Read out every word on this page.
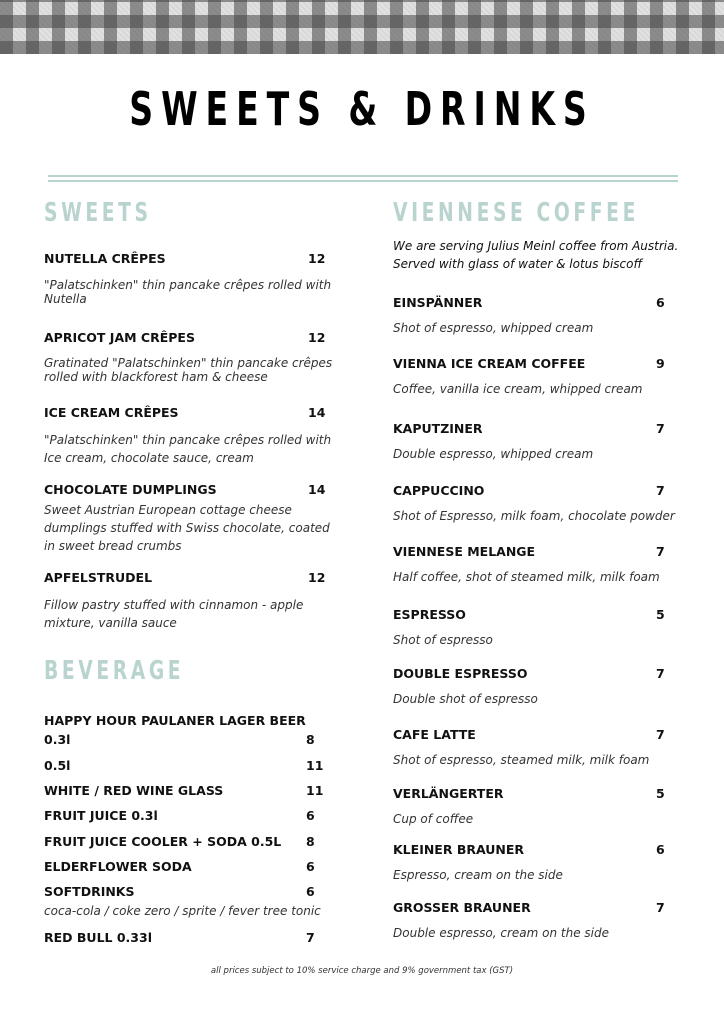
SWEETS & DRINKS
SWEETS
NUTELLA CRÊPES	12
"Palatschinken" thin pancake crêpes rolled with Nutella
APRICOT JAM CRÊPES	12
Gratinated "Palatschinken" thin pancake crêpes rolled with blackforest ham & cheese
ICE CREAM CRÊPES	14
"Palatschinken" thin pancake crêpes rolled with Ice cream, chocolate sauce, cream
CHOCOLATE DUMPLINGS	14
Sweet Austrian European cottage cheese dumplings stuffed with Swiss chocolate, coated in sweet bread crumbs
APFELSTRUDEL	12
Fillow pastry stuffed with cinnamon - apple mixture, vanilla sauce
BEVERAGE
HAPPY HOUR PAULANER LAGER BEER
0.3l	8
0.5l	11
WHITE / RED WINE GLASS	11
FRUIT JUICE 0.3l	6
FRUIT JUICE COOLER + SODA 0.5L 8
ELDERFLOWER SODA	6
SOFTDRINKS	6
coca-cola / coke zero / sprite / fever tree tonic
RED BULL 0.33l	7
VIENNESE COFFEE
We are serving Julius Meinl coffee from Austria. Served with glass of water & lotus biscoff
EINSPÄNNER	6
Shot of espresso, whipped cream
VIENNA ICE CREAM COFFEE	9
Coffee, vanilla ice cream, whipped cream
KAPUTZINER	7
Double espresso, whipped cream
CAPPUCCINO	7
Shot of Espresso, milk foam, chocolate powder
VIENNESE MELANGE	7
Half coffee, shot of steamed milk, milk foam
ESPRESSO	5
Shot of espresso
DOUBLE ESPRESSO	7
Double shot of espresso
CAFE LATTE	7
Shot of espresso, steamed milk, milk foam
VERLÄNGERTER	5
Cup of coffee
KLEINER BRAUNER	6
Espresso, cream on the side
GROSSER BRAUNER	7
Double espresso, cream on the side
all prices subject to 10% service charge and 9% government tax (GST)
